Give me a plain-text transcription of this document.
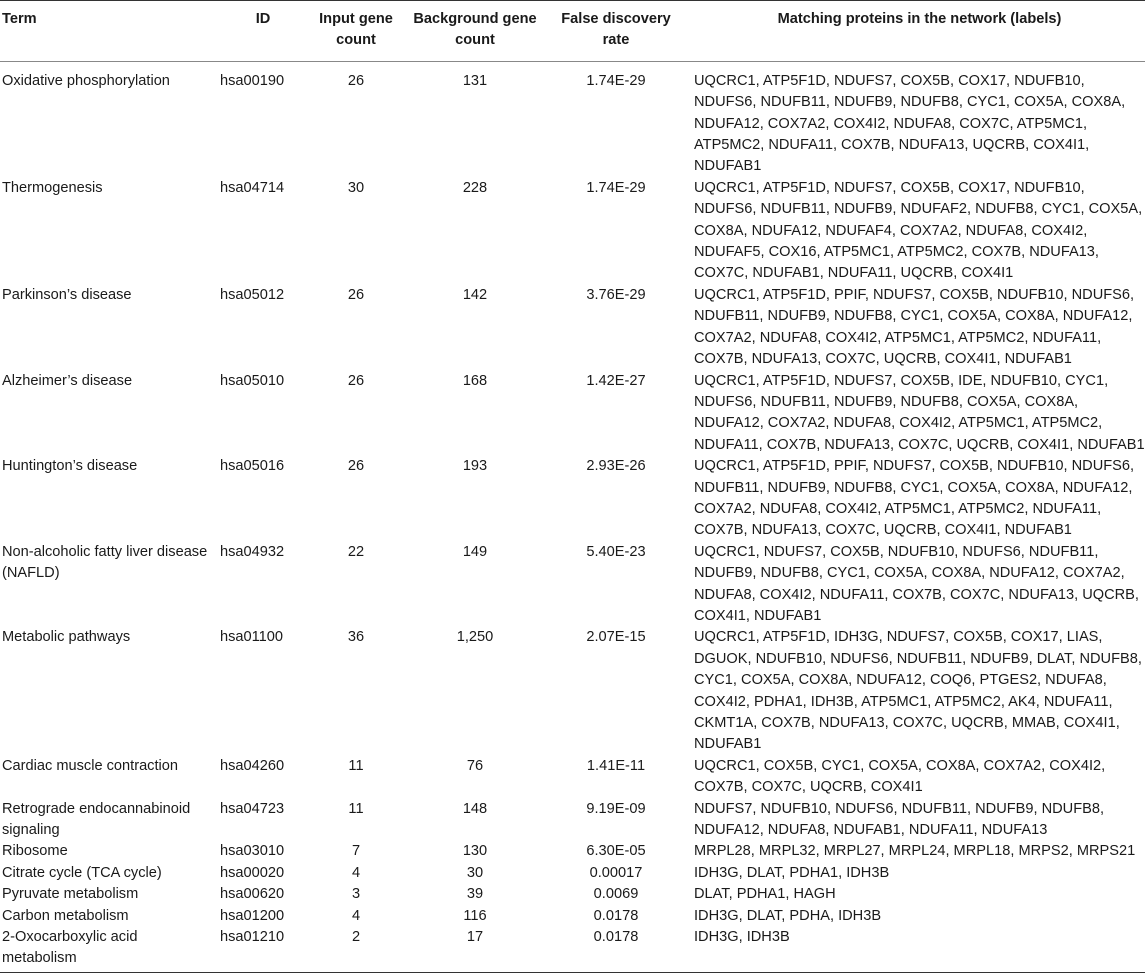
Term	ID	Input gene count	Background gene count	False discovery rate	Matching proteins in the network (labels)
Oxidative phosphorylation	hsa00190	26	131	1.74E-29	UQCRC1, ATP5F1D, NDUFS7, COX5B, COX17, NDUFB10, NDUFS6, NDUFB11, NDUFB9, NDUFB8, CYC1, COX5A, COX8A, NDUFA12, COX7A2, COX4I2, NDUFA8, COX7C, ATP5MC1, ATP5MC2, NDUFA11, COX7B, NDUFA13, UQCRB, COX4I1, NDUFAB1
Thermogenesis	hsa04714	30	228	1.74E-29	UQCRC1, ATP5F1D, NDUFS7, COX5B, COX17, NDUFB10, NDUFS6, NDUFB11, NDUFB9, NDUFAF2, NDUFB8, CYC1, COX5A, COX8A, NDUFA12, NDUFAF4, COX7A2, NDUFA8, COX4I2, NDUFAF5, COX16, ATP5MC1, ATP5MC2, COX7B, NDUFA13, COX7C, NDUFAB1, NDUFA11, UQCRB, COX4I1
Parkinson’s disease	hsa05012	26	142	3.76E-29	UQCRC1, ATP5F1D, PPIF, NDUFS7, COX5B, NDUFB10, NDUFS6, NDUFB11, NDUFB9, NDUFB8, CYC1, COX5A, COX8A, NDUFA12, COX7A2, NDUFA8, COX4I2, ATP5MC1, ATP5MC2, NDUFA11, COX7B, NDUFA13, COX7C, UQCRB, COX4I1, NDUFAB1
Alzheimer’s disease	hsa05010	26	168	1.42E-27	UQCRC1, ATP5F1D, NDUFS7, COX5B, IDE, NDUFB10, CYC1, NDUFS6, NDUFB11, NDUFB9, NDUFB8, COX5A, COX8A, NDUFA12, COX7A2, NDUFA8, COX4I2, ATP5MC1, ATP5MC2, NDUFA11, COX7B, NDUFA13, COX7C, UQCRB, COX4I1, NDUFAB1
Huntington’s disease	hsa05016	26	193	2.93E-26	UQCRC1, ATP5F1D, PPIF, NDUFS7, COX5B, NDUFB10, NDUFS6, NDUFB11, NDUFB9, NDUFB8, CYC1, COX5A, COX8A, NDUFA12, COX7A2, NDUFA8, COX4I2, ATP5MC1, ATP5MC2, NDUFA11, COX7B, NDUFA13, COX7C, UQCRB, COX4I1, NDUFAB1
Non-alcoholic fatty liver disease (NAFLD)	hsa04932	22	149	5.40E-23	UQCRC1, NDUFS7, COX5B, NDUFB10, NDUFS6, NDUFB11, NDUFB9, NDUFB8, CYC1, COX5A, COX8A, NDUFA12, COX7A2, NDUFA8, COX4I2, NDUFA11, COX7B, COX7C, NDUFA13, UQCRB, COX4I1, NDUFAB1
Metabolic pathways	hsa01100	36	1,250	2.07E-15	UQCRC1, ATP5F1D, IDH3G, NDUFS7, COX5B, COX17, LIAS, DGUOK, NDUFB10, NDUFS6, NDUFB11, NDUFB9, DLAT, NDUFB8, CYC1, COX5A, COX8A, NDUFA12, COQ6, PTGES2, NDUFA8, COX4I2, PDHA1, IDH3B, ATP5MC1, ATP5MC2, AK4, NDUFA11, CKMT1A, COX7B, NDUFA13, COX7C, UQCRB, MMAB, COX4I1, NDUFAB1
Cardiac muscle contraction	hsa04260	11	76	1.41E-11	UQCRC1, COX5B, CYC1, COX5A, COX8A, COX7A2, COX4I2, COX7B, COX7C, UQCRB, COX4I1
Retrograde endocannabinoid signaling	hsa04723	11	148	9.19E-09	NDUFS7, NDUFB10, NDUFS6, NDUFB11, NDUFB9, NDUFB8, NDUFA12, NDUFA8, NDUFAB1, NDUFA11, NDUFA13
Ribosome	hsa03010	7	130	6.30E-05	MRPL28, MRPL32, MRPL27, MRPL24, MRPL18, MRPS2, MRPS21
Citrate cycle (TCA cycle)	hsa00020	4	30	0.00017	IDH3G, DLAT, PDHA1, IDH3B
Pyruvate metabolism	hsa00620	3	39	0.0069	DLAT, PDHA1, HAGH
Carbon metabolism	hsa01200	4	116	0.0178	IDH3G, DLAT, PDHA, IDH3B
2-Oxocarboxylic acid metabolism	hsa01210	2	17	0.0178	IDH3G, IDH3B
